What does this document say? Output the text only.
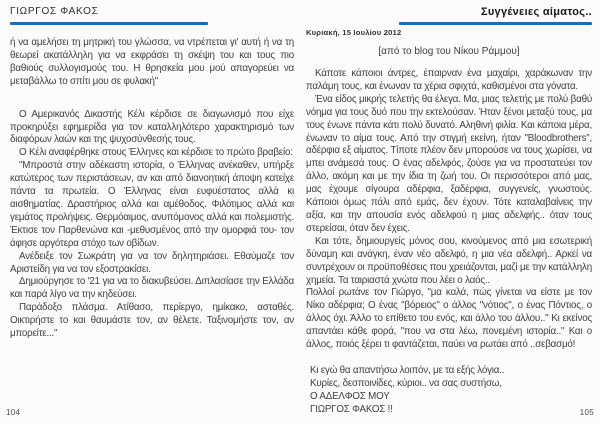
ΓΙΩΡΓΟΣ ΦΑΚΟΣ

ή να αμελήσει τη μητρική του γλώσσα, να ντρέπεται γι' αυτή ή να τη θεωρεί ακατάλληλη για να εκφράσει τη σκέψη του και τους πιο βαθιούς συλλογισμούς του. Η θρησκεία μου μού απαγορεύει να μεταβάλλω το σπίτι μου σε φυλακή"

Ο Αμερικανός Δικαστής Κέλι κέρδισε σε διαγωνισμό που είχε προκηρύξει εφημερίδα για τον καταλληλότερο χαρακτηρισμό των διαφόρων λαών και της ψυχοσύνθεσής τους.

Ο Κέλι αναφέρθηκε στους Έλληνες και κέρδισε το πρώτο βραβείο:

"Μπροστά στην αδέκαστη ιστορία, ο Έλληνας ανέκαθεν, υπήρξε κατώτερος των περιστάσεων, αν και από διανοητική άποψη κατείχε πάντα τα πρωτεία. Ο Έλληνας είναι ευφυέστατος αλλά κι αισθηματίας. Δραστήριος αλλά και αμέθοδος. Φιλότιμος αλλά και γεμάτος προλήψεις. Θερμόαιμος, ανυπόμονος αλλά και πολεμιστής. Έκτισε τον Παρθενώνα και -μεθυσμένος από την ομορφιά του- τον άφησε αργότερα στόχο των οβίδων.

Ανέδειξε τον Σωκράτη για να τον δηλητηριάσει. Εθαύμαζε τον Αριστείδη για να τον εξοστρακίσει.

Δημιούργησε το '21 για να το διακυβεύσει. Διπλασίασε την Ελλάδα και παρά λίγο να την κηδεύσει.

Παράδοξο πλάσμα. Ατίθασο, περίεργο, ημίκακο, ασταθές. Οικτιρήστε το και θαυμάστε τον, αν θέλετε. Ταξινομήστε τον, αν μπορείτε..."

Συγγένειες αίματος..
Κυριακή, 15 Ιουλίου 2012
[από το blog του Νίκου Ράμμου]

Κάποτε κάποιοι άντρες, έπαιρναν ένα μαχαίρι, χαράκωναν την παλάμη τους, και ένωναν τα χέρια σφιχτά, καθισμένοι στα γόνατα.

Ένα είδος μικρής τελετής θα έλεγα. Μα, μιας τελετής με πολύ βαθύ νόημα για τους δυό που την εκτελούσαν. Ήταν ξένοι μεταξύ τους, μα τους ένωνε πάντα κάτι πολύ δυνατό. Αληθινή φιλία. Και κάποια μέρα, ένωναν το αίμα τους. Από την στιγμή εκείνη, ήταν "Bloodbrothers", αδέρφια εξ αίματος. Τίποτε πλέον δεν μπορούσε να τους χωρίσει, να μπει ανάμεσά τους. Ο ένας αδελφός, ζούσε για να προστατεύει τον άλλο, ακόμη και με την ίδια τη ζωή του. Οι περισσότεροι από μας, μας έχουμε σίγουρα αδέρφια, ξαδέρφια, συγγενείς, γνωστούς. Κάποιοι όμως πάλι από εμάς, δεν έχουν. Τότε καταλαβαίνεις την αξία, και την απουσία ενός αδελφού η μιας αδελφής.. όταν τους στερείσαι, όταν δεν έχεις.

Και τότε, δημιουργείς μόνος σου, κινούμενος από μια εσωτερική δύναμη και ανάγκη, έναν νέο αδελφό, η μια νέα αδελφή.. Αρκεί να συντρέχουν οι προϋποθέσεις που χρειάζονται, μαζί με την κατάλληλη χημεία. Τα ταιριαστά χνώτα που λέει ο λαός..

Πολλοί ρωτάνε τον Γιώργο, "μα καλά, πώς γίνεται να είστε με τον Νίκο αδέρφια; Ο ένας "βόρειος" ο άλλος "νότιος", ο ένας Πόντιος, ο άλλος όχι. Άλλο το επίθετο του ενός, και άλλο του άλλου.." Κι εκείνος απαντάει κάθε φορά, "που να στα λέω, πονεμένη ιστορία.." Και ο άλλος, ποιός ξέρει τι φαντάζεται, παύει να ρωτάει από ..σεβασμό!

Κι εγώ θα απαντήσω λοιπόν, με τα εξής λόγια..
Κυρίες, δεσποινίδες, κύριοι.. να σας συστήσω,
Ο ΑΔΕΛΦΟΣ ΜΟΥ
ΓΙΩΡΓΟΣ ΦΑΚΟΣ !!
104	105
